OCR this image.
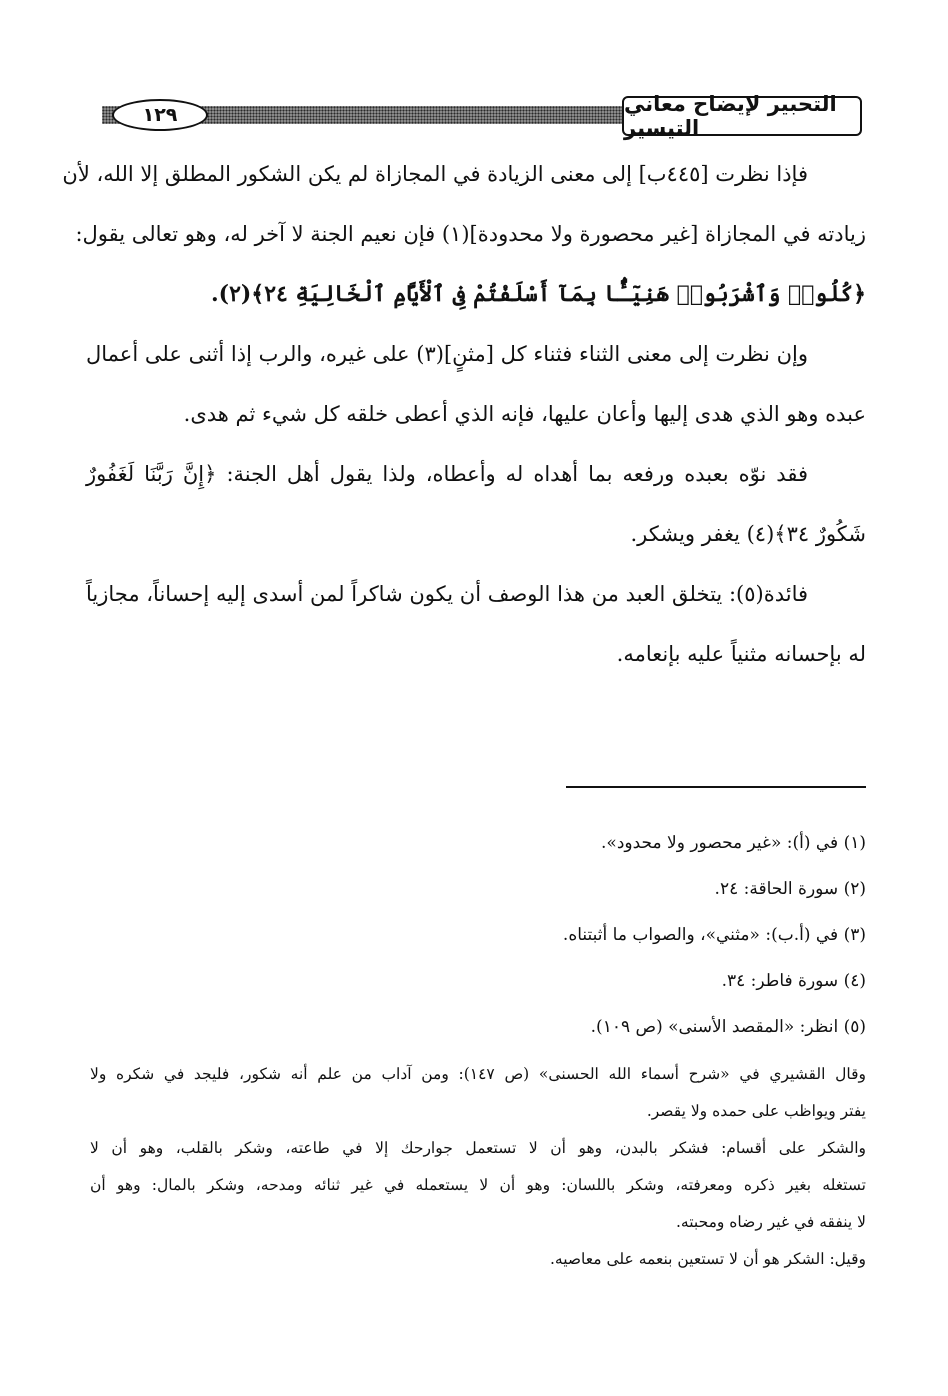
التحبير لإيضاح معاني التيسير
١٢٩
فإذا نظرت [٤٤٥ب] إلى معنى الزيادة في المجازاة لم يكن الشكور المطلق إلا الله، لأن
زيادته في المجازاة [غير محصورة ولا محدودة](١) فإن نعيم الجنة لا آخر له، وهو تعالى يقول:
﴿كُلُوا۟ وَٱشْرَبُوا۟ هَنِيٓـًٔۢا بِمَآ أَسْلَفْتُمْ فِى ٱلْأَيَّامِ ٱلْخَالِيَةِ ٢٤﴾(٢).
وإن نظرت إلى معنى الثناء فثناء كل [مثنٍ](٣) على غيره، والرب إذا أثنى على أعمال
عبده وهو الذي هدى إليها وأعان عليها، فإنه الذي أعطى خلقه كل شيء ثم هدى.
فقد نوّه بعبده ورفعه بما أهداه له وأعطاه، ولذا يقول أهل الجنة: ﴿إِنَّ رَبَّنَا لَغَفُورٌ
شَكُورٌ ٣٤﴾(٤) يغفر ويشكر.
فائدة(٥): يتخلق العبد من هذا الوصف أن يكون شاكراً لمن أسدى إليه إحساناً، مجازياً
له بإحسانه مثنياً عليه بإنعامه.
(١) في (أ): «غير محصور ولا محدود».
(٢) سورة الحاقة: ٢٤.
(٣) في (أ.ب): «مثني»، والصواب ما أثبتناه.
(٤) سورة فاطر: ٣٤.
(٥) انظر: «المقصد الأسنى» (ص ١٠٩).
وقال القشيري في «شرح أسماء الله الحسنى» (ص ١٤٧): ومن آداب من علم أنه شكور، فليجد في شكره ولا
يفتر ويواظب على حمده ولا يقصر.
والشكر على أقسام: فشكر بالبدن، وهو أن لا تستعمل جوارحك إلا في طاعته، وشكر بالقلب، وهو أن لا
تستغله بغير ذكره ومعرفته، وشكر باللسان: وهو أن لا يستعمله في غير ثنائه ومدحه، وشكر بالمال: وهو أن
لا ينفقه في غير رضاه ومحبته.
وقيل: الشكر هو أن لا تستعين بنعمه على معاصيه.
